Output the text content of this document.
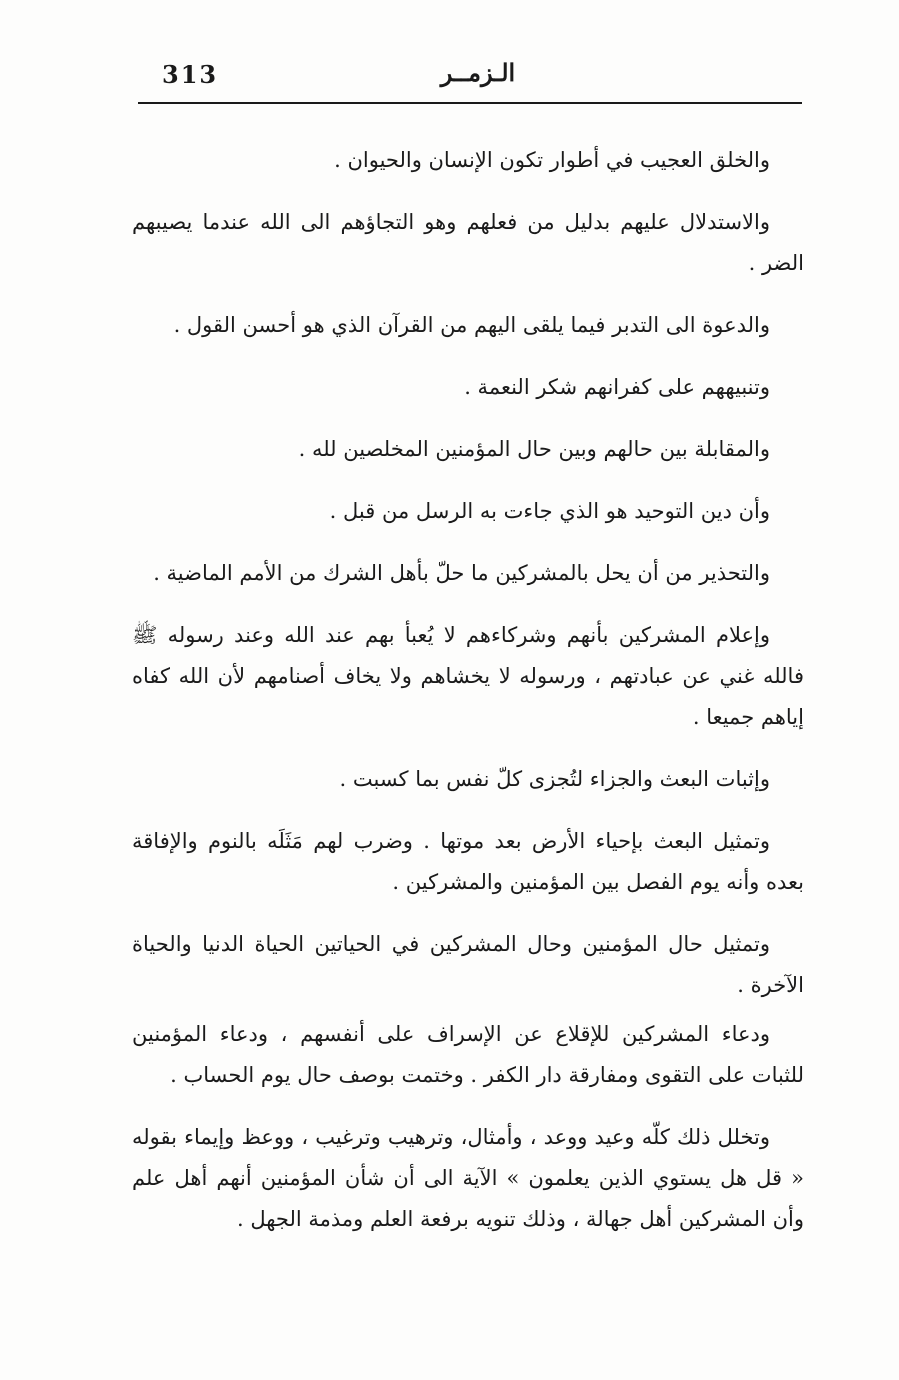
313	الـزمــر

والخلق العجيب في أطوار تكون الإنسان والحيوان .

والاستدلال عليهم بدليل من فعلهم وهو التجاؤهم الى الله عندما يصيبهم الضر .

والدعوة الى التدبر فيما يلقى اليهم من القرآن الذي هو أحسن القول .

وتنبيههم على كفرانهم شكر النعمة .

والمقابلة بين حالهم وبين حال المؤمنين المخلصين لله .

وأن دين التوحيد هو الذي جاءت به الرسل من قبل .

والتحذير من أن يحل بالمشركين ما حلّ بأهل الشرك من الأمم الماضية .

وإعلام المشركين بأنهم وشركاءهم لا يُعبأ بهم عند الله وعند رسوله ﷺ فالله غني عن عبادتهم ، ورسوله لا يخشاهم ولا يخاف أصنامهم لأن الله كفاه إياهم جميعا .

وإثبات البعث والجزاء لتُجزى كلّ نفس بما كسبت .

وتمثيل البعث بإحياء الأرض بعد موتها . وضرب لهم مَثَلَه بالنوم والإفاقة بعده وأنه يوم الفصل بين المؤمنين والمشركين .

وتمثيل حال المؤمنين وحال المشركين في الحياتين الحياة الدنيا والحياة الآخرة .

ودعاء المشركين للإقلاع عن الإسراف على أنفسهم ، ودعاء المؤمنين للثبات على التقوى ومفارقة دار الكفر . وختمت بوصف حال يوم الحساب .

وتخلل ذلك كلّه وعيد ووعد ، وأمثال، وترهيب وترغيب ، ووعظ وإيماء بقوله « قل هل يستوي الذين يعلمون » الآية الى أن شأن المؤمنين أنهم أهل علم وأن المشركين أهل جهالة ، وذلك تنويه برفعة العلم ومذمة الجهل .
